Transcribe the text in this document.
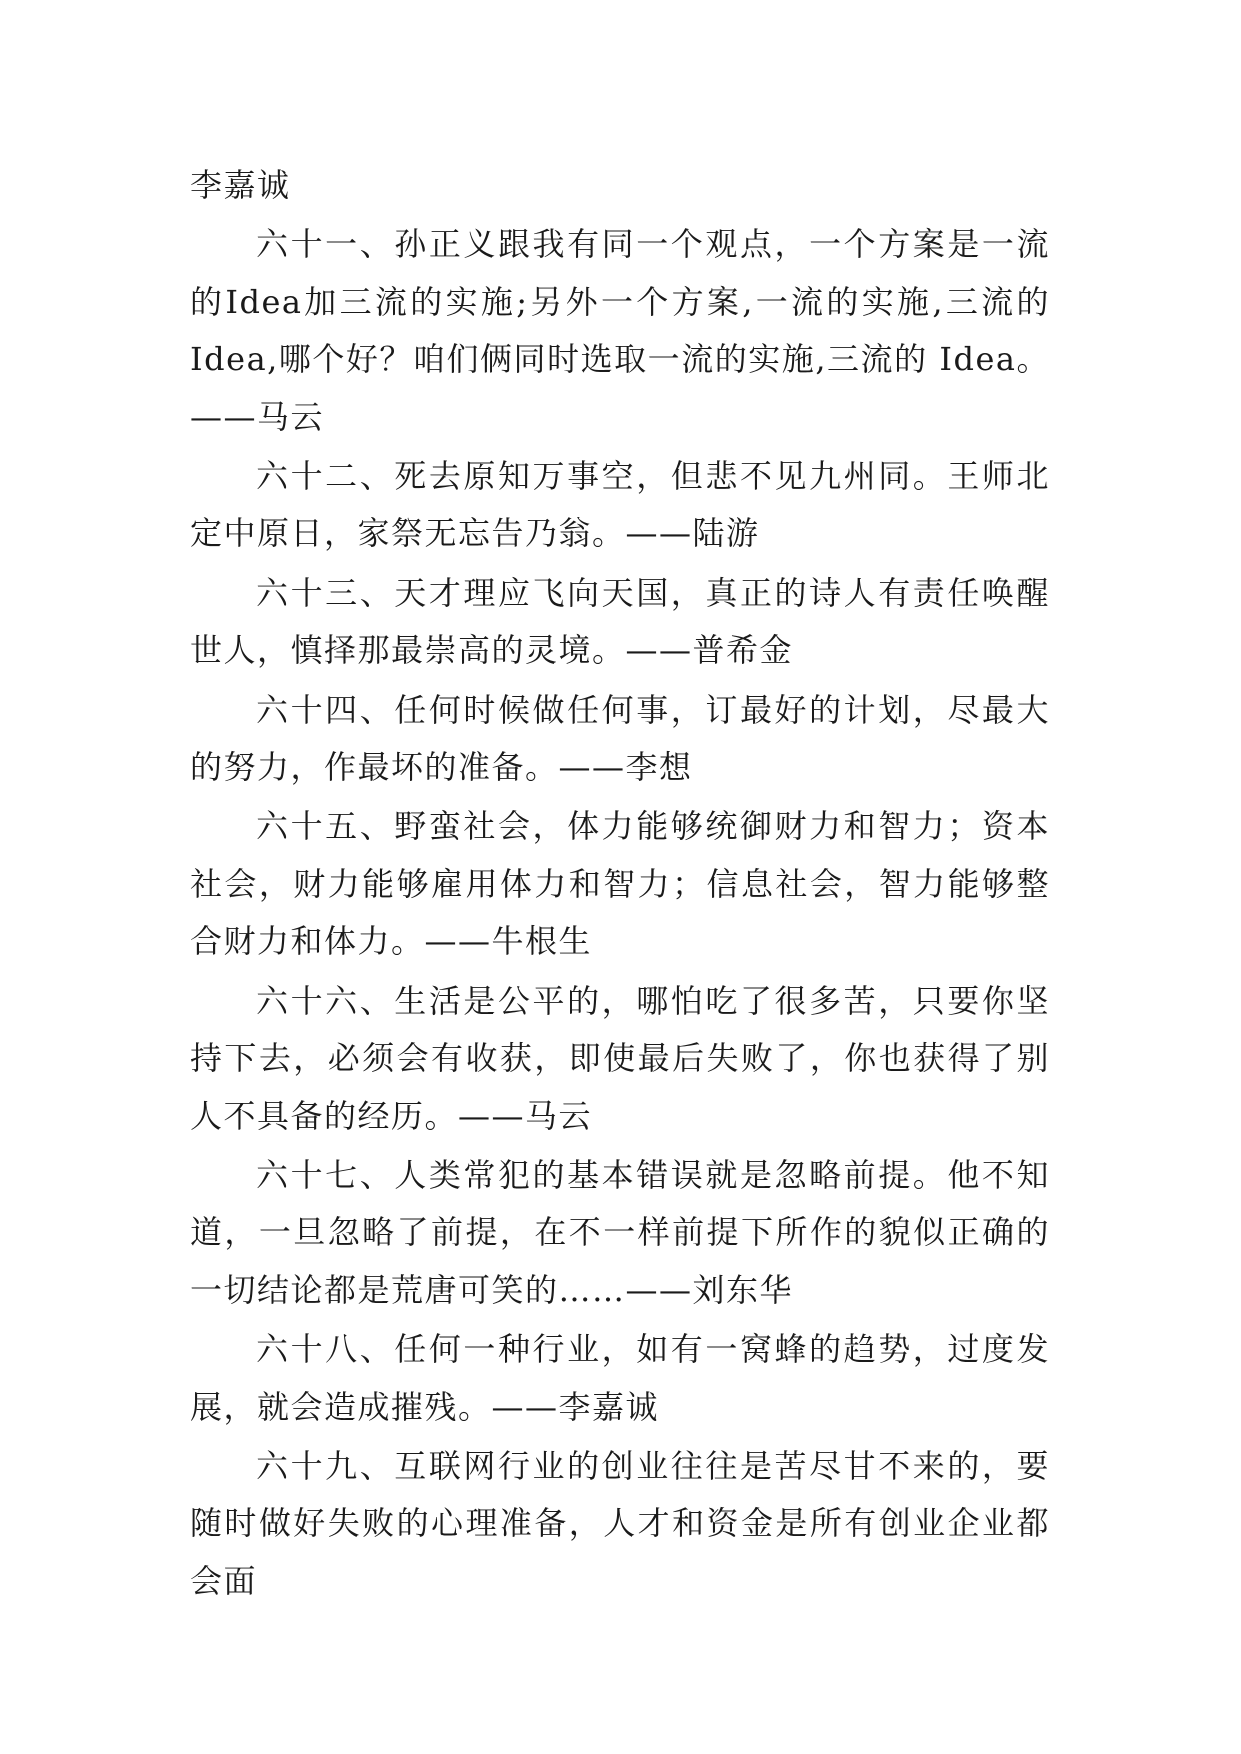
李嘉诚

六十一、孙正义跟我有同一个观点，一个方案是一流的Idea加三流的实施;另外一个方案,一流的实施,三流的Idea,哪个好？咱们俩同时选取一流的实施,三流的 Idea。——马云

六十二、死去原知万事空，但悲不见九州同。王师北定中原日，家祭无忘告乃翁。——陆游

六十三、天才理应飞向天国，真正的诗人有责任唤醒世人，慎择那最崇高的灵境。——普希金

六十四、任何时候做任何事，订最好的计划，尽最大的努力，作最坏的准备。——李想

六十五、野蛮社会，体力能够统御财力和智力；资本社会，财力能够雇用体力和智力；信息社会，智力能够整合财力和体力。——牛根生

六十六、生活是公平的，哪怕吃了很多苦，只要你坚持下去，必须会有收获，即使最后失败了，你也获得了别人不具备的经历。——马云

六十七、人类常犯的基本错误就是忽略前提。他不知道，一旦忽略了前提，在不一样前提下所作的貌似正确的一切结论都是荒唐可笑的……——刘东华

六十八、任何一种行业，如有一窝蜂的趋势，过度发展，就会造成摧残。——李嘉诚

六十九、互联网行业的创业往往是苦尽甘不来的，要随时做好失败的心理准备，人才和资金是所有创业企业都会面
